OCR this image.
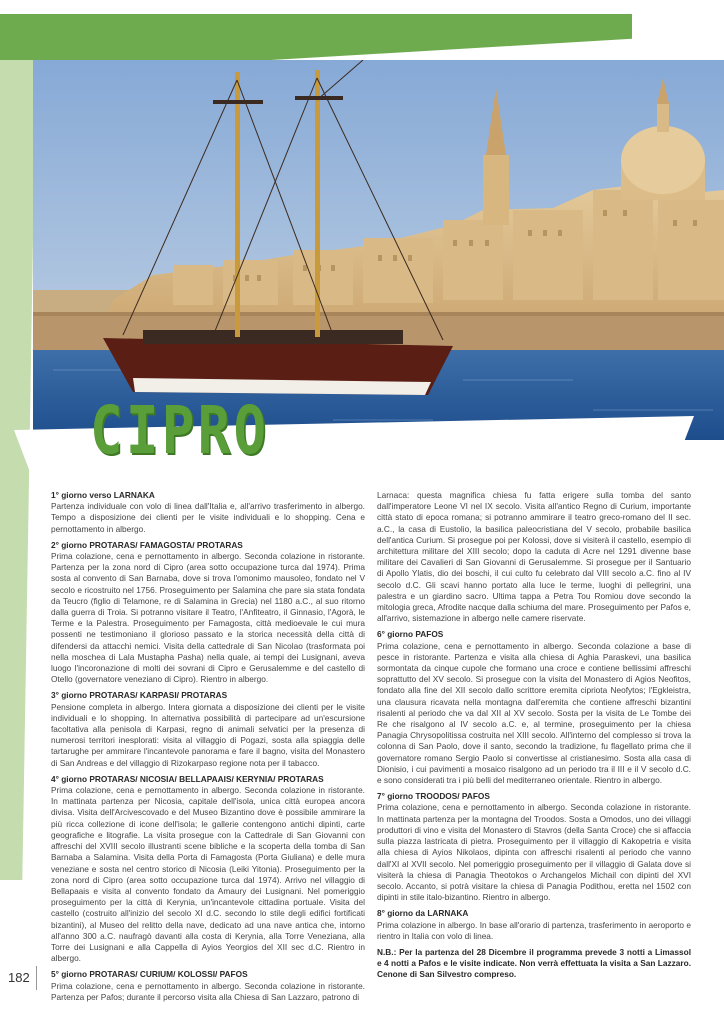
CIPRO
1° giorno verso LARNAKA
Partenza individuale con volo di linea dall'Italia e, all'arrivo trasferimento in albergo. Tempo a disposizione dei clienti per le visite individuali e lo shopping. Cena e pernottamento in albergo.
2° giorno PROTARAS/ FAMAGOSTA/ PROTARAS
Prima colazione, cena e pernottamento in albergo. Seconda colazione in ristorante. Partenza per la zona nord di Cipro (area sotto occupazione turca dal 1974). Prima sosta al convento di San Barnaba, dove si trova l'omonimo mausoleo, fondato nel V secolo e ricostruito nel 1756. Proseguimento per Salamina che pare sia stata fondata da Teucro (figlio di Telamone, re di Salamina in Grecia) nel 1180 a.C., al suo ritorno dalla guerra di Troia. Si potranno visitare il Teatro, l'Anfiteatro, il Ginnasio, l'Agorà, le Terme e la Palestra. Proseguimento per Famagosta, città medioevale le cui mura possenti ne testimoniano il glorioso passato e la storica necessità della città di difendersi da attacchi nemici. Visita della cattedrale di San Nicolao (trasformata poi nella moschea di Lala Mustapha Pasha) nella quale, ai tempi dei Lusignani, aveva luogo l'incoronazione di molti dei sovrani di Cipro e Gerusalemme e del castello di Otello (governatore veneziano di Cipro). Rientro in albergo.
3° giorno PROTARAS/ KARPASI/ PROTARAS
Pensione completa in albergo. Intera giornata a disposizione dei clienti per le visite individuali e lo shopping. In alternativa possibilità di partecipare ad un'escursione facoltativa alla penisola di Karpasi, regno di animali selvatici per la presenza di numerosi territori inesplorati: visita al villaggio di Pogazi, sosta alla spiaggia delle tartarughe per ammirare l'incantevole panorama e fare il bagno, visita del Monastero di San Andreas e del villaggio di Rizokarpaso regione nota per il tabacco.
4° giorno PROTARAS/ NICOSIA/ BELLAPAAIS/ KERYNIA/ PROTARAS
Prima colazione, cena e pernottamento in albergo. Seconda colazione in ristorante. In mattinata partenza per Nicosia, capitale dell'isola, unica città europea ancora divisa. Visita dell'Arcivescovado e del Museo Bizantino dove è possibile ammirare la più ricca collezione di icone dell'isola; le gallerie contengono antichi dipinti, carte geografiche e litografie. La visita prosegue con la Cattedrale di San Giovanni con affreschi del XVIII secolo illustranti scene bibliche e la scoperta della tomba di San Barnaba a Salamina. Visita della Porta di Famagosta (Porta Giuliana) e delle mura veneziane e sosta nel centro storico di Nicosia (Leiki Yitonia). Proseguimento per la zona nord di Cipro (area sotto occupazione turca dal 1974). Arrivo nel villaggio di Bellapaais e visita al convento fondato da Amaury dei Lusignani. Nel pomeriggio proseguimento per la città di Kerynia, un'incantevole cittadina portuale. Visita del castello (costruito all'inizio del secolo XI d.C. secondo lo stile degli edifici fortificati bizantini), al Museo del relitto della nave, dedicato ad una nave antica che, intorno all'anno 300 a.C. naufragò davanti alla costa di Kerynia, alla Torre Veneziana, alla Torre dei Lusignani e alla Cappella di Ayios Yeorgios del XII sec d.C. Rientro in albergo.
5° giorno PROTARAS/ CURIUM/ KOLOSSI/ PAFOS
Prima colazione, cena e pernottamento in albergo. Seconda colazione in ristorante. Partenza per Pafos; durante il percorso visita alla Chiesa di San Lazzaro, patrono di
Larnaca: questa magnifica chiesa fu fatta erigere sulla tomba del santo dall'imperatore Leone VI nel IX secolo. Visita all'antico Regno di Curium, importante città stato di epoca romana; si potranno ammirare il teatro greco-romano del II sec. a.C., la casa di Eustolio, la basilica paleocristiana del V secolo, probabile basilica dell'antica Curium. Si prosegue poi per Kolossi, dove si visiterà il castello, esempio di architettura militare del XIII secolo; dopo la caduta di Acre nel 1291 divenne base militare dei Cavalieri di San Giovanni di Gerusalemme. Si prosegue per il Santuario di Apollo Ylatis, dio dei boschi, il cui culto fu celebrato dal VIII secolo a.C. fino al IV secolo d.C. Gli scavi hanno portato alla luce le terme, luoghi di pellegrini, una palestra e un giardino sacro. Ultima tappa a Petra Tou Romiou dove secondo la mitologia greca, Afrodite nacque dalla schiuma del mare. Proseguimento per Pafos e, all'arrivo, sistemazione in albergo nelle camere riservate.
6° giorno PAFOS
Prima colazione, cena e pernottamento in albergo. Seconda colazione a base di pesce in ristorante. Partenza e visita alla chiesa di Aghia Paraskevi, una basilica sormontata da cinque cupole che formano una croce e contiene bellissimi affreschi soprattutto del XV secolo. Si prosegue con la visita del Monastero di Agios Neofitos, fondato alla fine del XII secolo dallo scrittore eremita cipriota Neofytos; l'Egkleistra, una clausura ricavata nella montagna dall'eremita che contiene affreschi bizantini risalenti al periodo che va dal XII al XV secolo. Sosta per la visita de Le Tombe dei Re che risalgono al IV secolo a.C. e, al termine, proseguimento per la chiesa Panagia Chrysopolitissa costruita nel XIII secolo. All'interno del complesso si trova la colonna di San Paolo, dove il santo, secondo la tradizione, fu flagellato prima che il governatore romano Sergio Paolo si convertisse al cristianesimo. Sosta alla casa di Dionisio, i cui pavimenti a mosaico risalgono ad un periodo tra il III e il V secolo d.C. e sono considerati tra i più belli del mediterraneo orientale. Rientro in albergo.
7° giorno TROODOS/ PAFOS
Prima colazione, cena e pernottamento in albergo. Seconda colazione in ristorante. In mattinata partenza per la montagna del Troodos. Sosta a Omodos, uno dei villaggi produttori di vino e visita del Monastero di Stavros (della Santa Croce) che si affaccia sulla piazza lastricata di pietra. Proseguimento per il villaggio di Kakopetria e visita alla chiesa di Ayios Nikolaos, dipinta con affreschi risalenti al periodo che vanno dall'XI al XVII secolo. Nel pomeriggio proseguimento per il villaggio di Galata dove si visiterà la chiesa di Panagia Theotokos o Archangelos Michail con dipinti del XVI secolo. Accanto, si potrà visitare la chiesa di Panagia Podithou, eretta nel 1502 con dipinti in stile italo-bizantino. Rientro in albergo.
8° giorno da LARNAKA
Prima colazione in albergo. In base all'orario di partenza, trasferimento in aeroporto e rientro in Italia con volo di linea.
N.B.: Per la partenza del 28 Dicembre il programma prevede 3 notti a Limassol e 4 notti a Pafos e le visite indicate. Non verrà effettuata la visita a San Lazzaro. Cenone di San Silvestro compreso.
182
